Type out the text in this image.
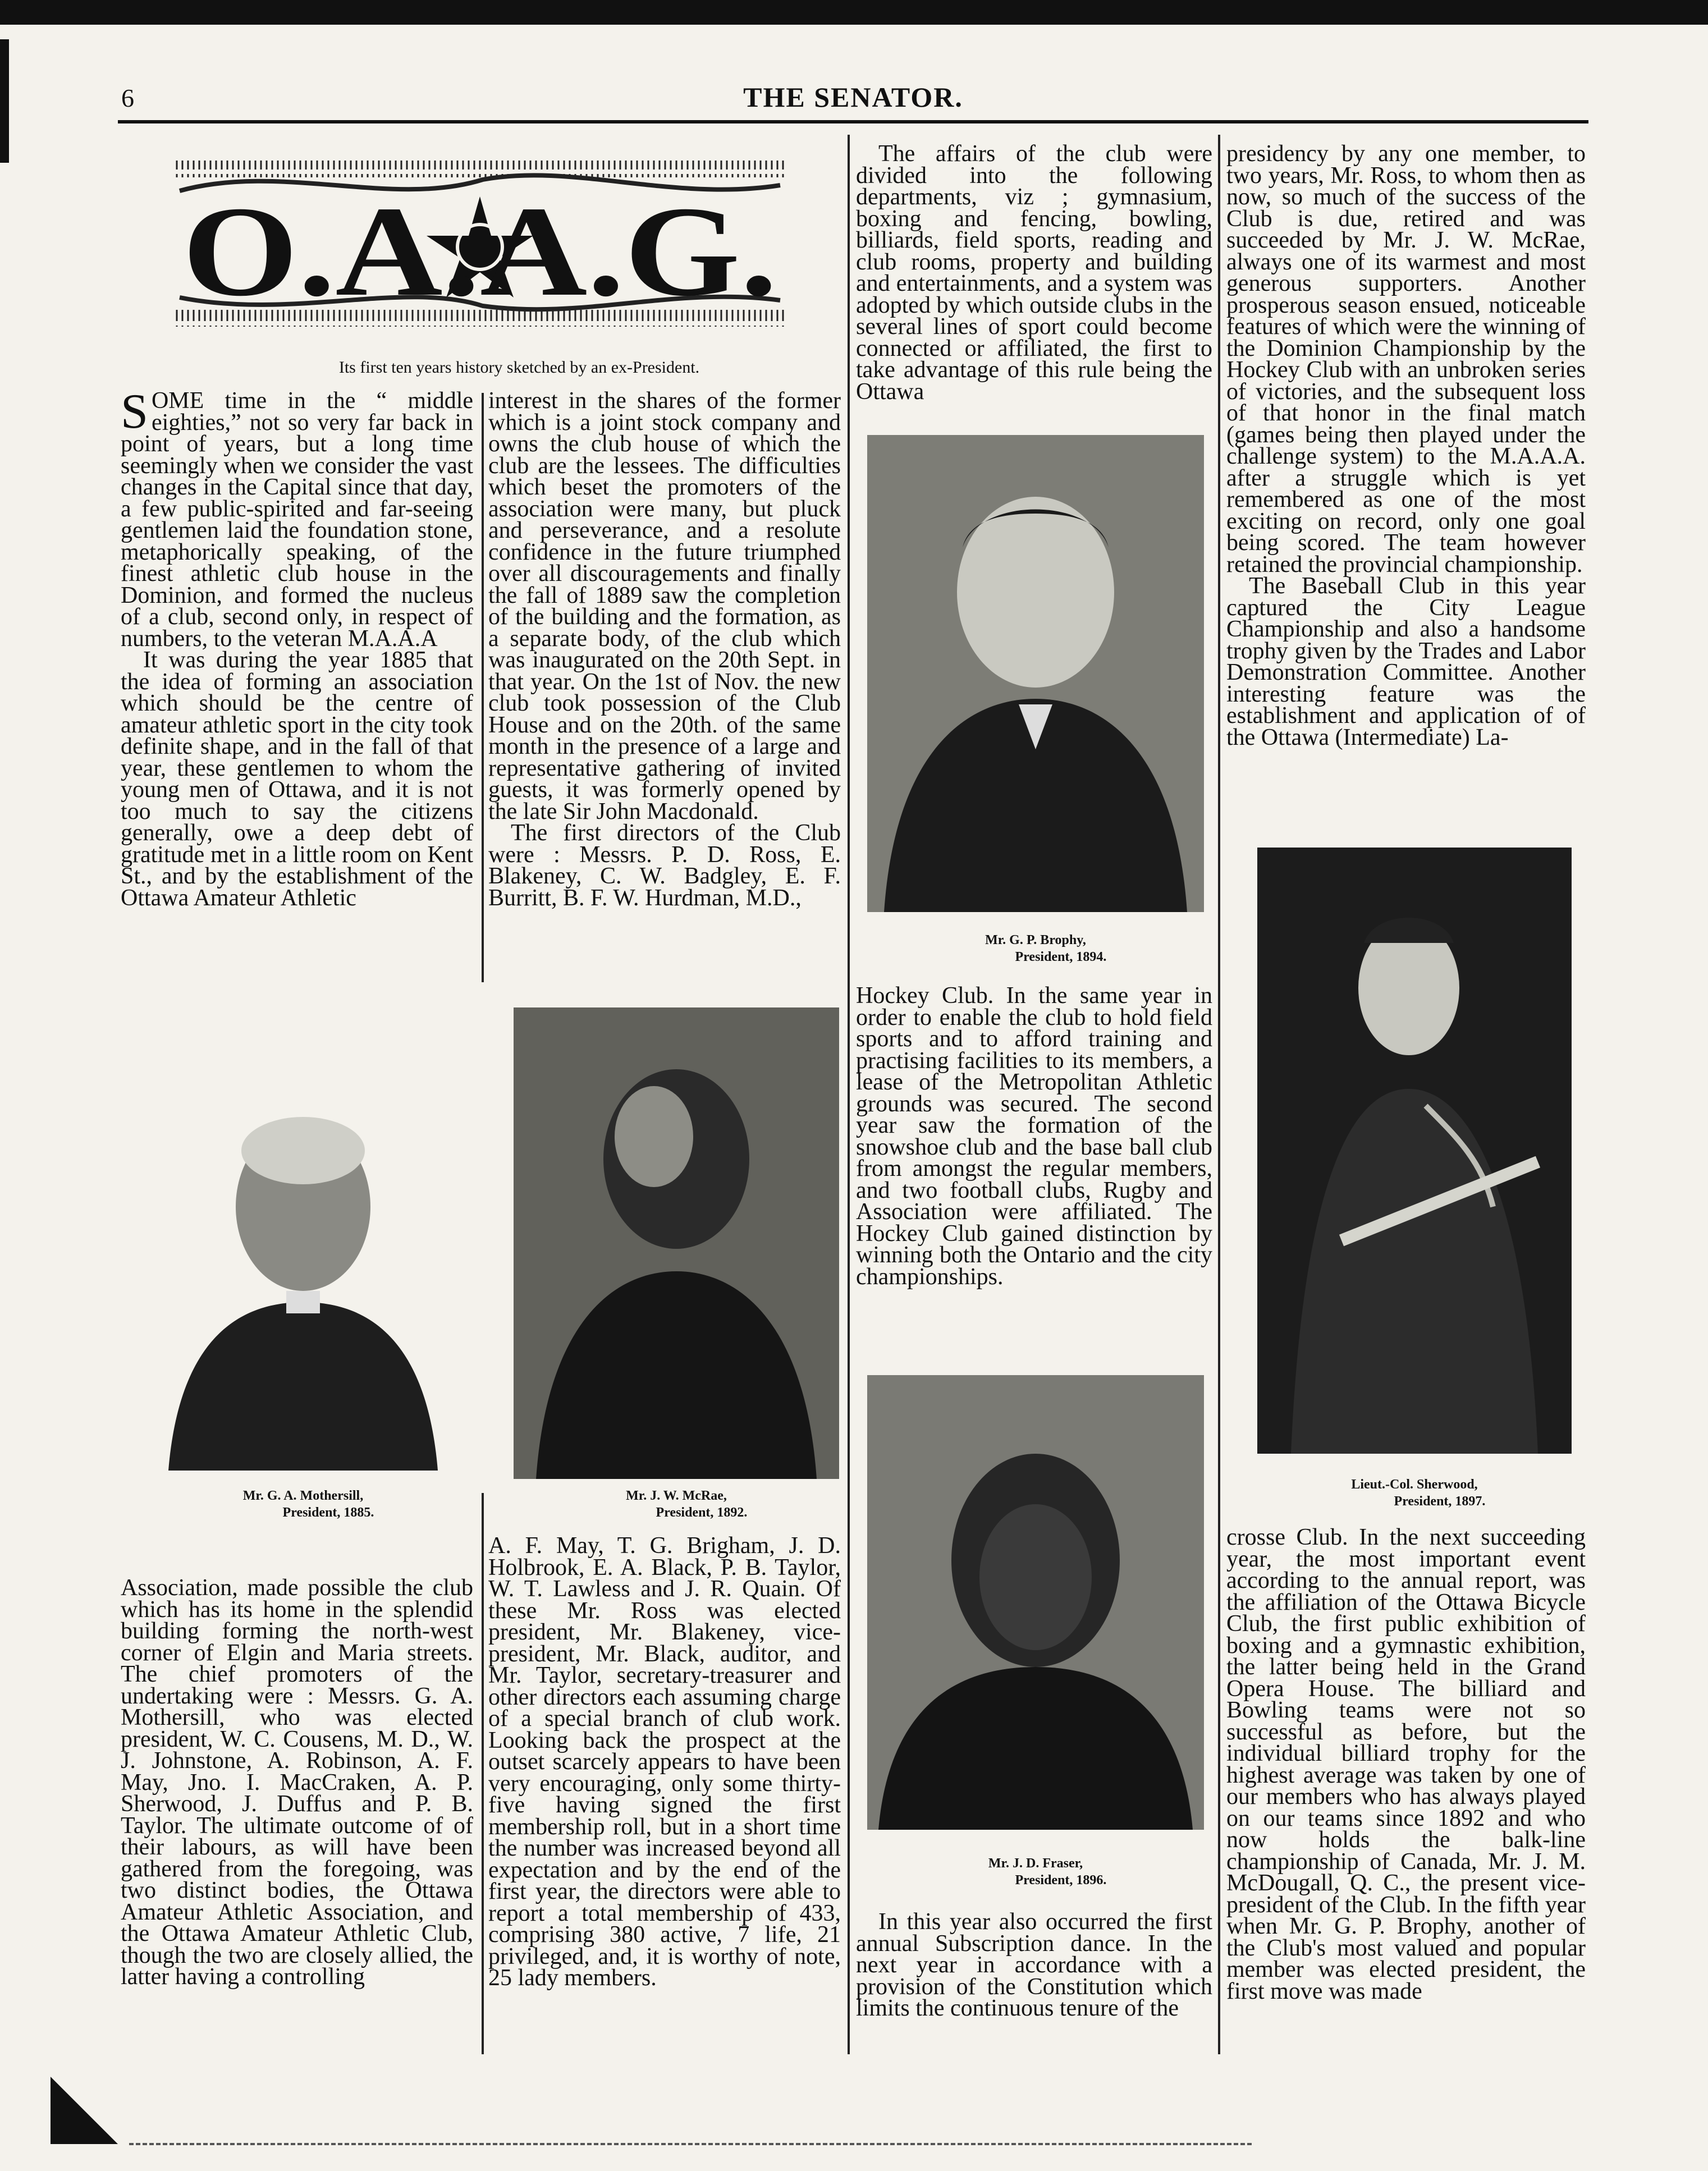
6	THE SENATOR.
O.A.A.G.
Its first ten years history sketched by an ex-President.

SOME time in the “ middle eighties,” not so very far back in point of years, but a long time seemingly when we consider the vast changes in the Capital since that day, a few public-spirited and far-seeing gentlemen laid the foundation stone, metaphorically speaking, of the finest athletic club house in the Dominion, and formed the nucleus of a club, second only, in respect of numbers, to the veteran M.A.A.A

It was during the year 1885 that the idea of forming an association which should be the centre of amateur athletic sport in the city took definite shape, and in the fall of that year, these gentlemen to whom the young men of Ottawa, and it is not too much to say the citizens generally, owe a deep debt of gratitude met in a little room on Kent St., and by the establishment of the Ottawa Amateur Athletic

interest in the shares of the former which is a joint stock company and owns the club house of which the club are the lessees. The difficulties which beset the promoters of the association were many, but pluck and perseverance, and a resolute confidence in the future triumphed over all discouragements and finally the fall of 1889 saw the completion of the building and the formation, as a separate body, of the club which was inaugurated on the 20th Sept. in that year. On the 1st of Nov. the new club took possession of the Club House and on the 20th. of the same month in the presence of a large and representative gathering of invited guests, it was formerly opened by the late Sir John Macdonald.

The first directors of the Club were : Messrs. P. D. Ross, E. Blakeney, C. W. Badgley, E. F. Burritt, B. F. W. Hurdman, M.D.,

The affairs of the club were divided into the following departments, viz ; gymnasium, boxing and fencing, bowling, billiards, field sports, reading and club rooms, property and building and entertainments, and a system was adopted by which outside clubs in the several lines of sport could become connected or affiliated, the first to take advantage of this rule being the Ottawa

presidency by any one member, to two years, Mr. Ross, to whom then as now, so much of the success of the Club is due, retired and was succeeded by Mr. J. W. McRae, always one of its warmest and most generous supporters. Another prosperous season ensued, noticeable features of which were the winning of the Dominion Championship by the Hockey Club with an unbroken series of victories, and the subsequent loss of that honor in the final match (games being then played under the challenge system) to the M.A.A.A. after a struggle which is yet remembered as one of the most exciting on record, only one goal being scored. The team however retained the provincial championship.

The Baseball Club in this year captured the City League Championship and also a handsome trophy given by the Trades and Labor Demonstration Committee. Another interesting feature was the establishment and application of of the Ottawa (Intermediate) La-

Hockey Club. In the same year in order to enable the club to hold field sports and to afford training and practising facilities to its members, a lease of the Metropolitan Athletic grounds was secured. The second year saw the formation of the snowshoe club and the base ball club from amongst the regular members, and two football clubs, Rugby and Association were affiliated. The Hockey Club gained distinction by winning both the Ontario and the city championships.

Association, made possible the club which has its home in the splendid building forming the north-west corner of Elgin and Maria streets. The chief promoters of the undertaking were : Messrs. G. A. Mothersill, who was elected president, W. C. Cousens, M. D., W. J. Johnstone, A. Robinson, A. F. May, Jno. I. MacCraken, A. P. Sherwood, J. Duffus and P. B. Taylor. The ultimate outcome of of their labours, as will have been gathered from the foregoing, was two distinct bodies, the Ottawa Amateur Athletic Association, and the Ottawa Amateur Athletic Club, though the two are closely allied, the latter having a controlling

A. F. May, T. G. Brigham, J. D. Holbrook, E. A. Black, P. B. Taylor, W. T. Lawless and J. R. Quain. Of these Mr. Ross was elected president, Mr. Blakeney, vice-president, Mr. Black, auditor, and Mr. Taylor, secretary-treasurer and other directors each assuming charge of a special branch of club work. Looking back the prospect at the outset scarcely appears to have been very encouraging, only some thirty-five having signed the first membership roll, but in a short time the number was increased beyond all expectation and by the end of the first year, the directors were able to report a total membership of 433, comprising 380 active, 7 life, 21 privileged, and, it is worthy of note, 25 lady members.

In this year also occurred the first annual Subscription dance. In the next year in accordance with a provision of the Constitution which limits the continuous tenure of the

crosse Club. In the next succeeding year, the most important event according to the annual report, was the affiliation of the Ottawa Bicycle Club, the first public exhibition of boxing and a gymnastic exhibition, the latter being held in the Grand Opera House. The billiard and Bowling teams were not so successful as before, but the individual billiard trophy for the highest average was taken by one of our members who has always played on our teams since 1892 and who now holds the balk-line championship of Canada, Mr. J. M. McDougall, Q. C., the present vice-president of the Club. In the fifth year when Mr. G. P. Brophy, another of the Club's most valued and popular member was elected president, the first move was made

Mr. G. A. Mothersill,
President, 1885.
Mr. J. W. McRae,
President, 1892.
Mr. G. P. Brophy,
President, 1894.
Mr. J. D. Fraser,
President, 1896.
Lieut.-Col. Sherwood,
President, 1897.
